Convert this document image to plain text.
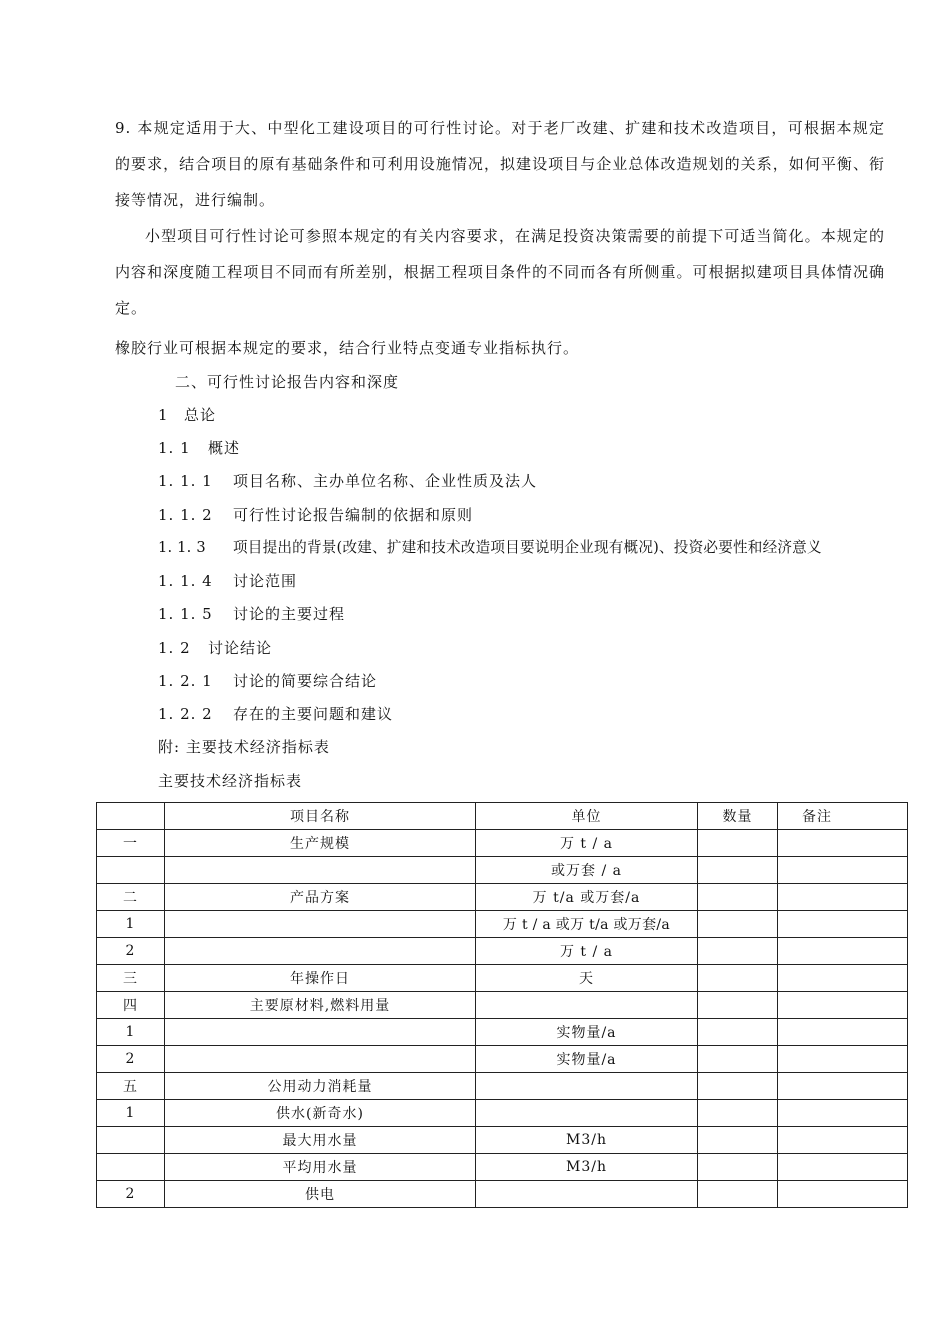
9. 本规定适用于大、中型化工建设项目的可行性讨论。对于老厂改建、扩建和技术改造项目，可根据本规定的要求，结合项目的原有基础条件和可利用设施情况，拟建设项目与企业总体改造规划的关系，如何平衡、衔接等情况，进行编制。

小型项目可行性讨论可参照本规定的有关内容要求，在满足投资决策需要的前提下可适当简化。本规定的内容和深度随工程项目不同而有所差别，根据工程项目条件的不同而各有所侧重。可根据拟建项目具体情况确定。

橡胶行业可根据本规定的要求，结合行业特点变通专业指标执行。

二、可行性讨论报告内容和深度

1 总论

1. 1 概述

1. 1. 1 项目名称、主办单位名称、企业性质及法人

1. 1. 2 可行性讨论报告编制的依据和原则

1. 1. 3 项目提出的背景(改建、扩建和技术改造项目要说明企业现有概况)、投资必要性和经济意义

1. 1. 4 讨论范围

1. 1. 5 讨论的主要过程

1. 2 讨论结论

1. 2. 1 讨论的简要综合结论

1. 2. 2 存在的主要问题和建议

附: 主要技术经济指标表

主要技术经济指标表

	项目名称	单位	数量	备注
一	生产规模	万 t / a		
		或万套 / a		
二	产品方案	万 t/a 或万套/a		
1		万 t / a 或万 t/a 或万套/a		
2		万 t / a		
三	年操作日	天		
四	主要原材料,燃料用量			
1		实物量/a		
2		实物量/a		
五	公用动力消耗量			
1	供水(新奇水)			
	最大用水量	M3/h		
	平均用水量	M3/h		
2	供电			
